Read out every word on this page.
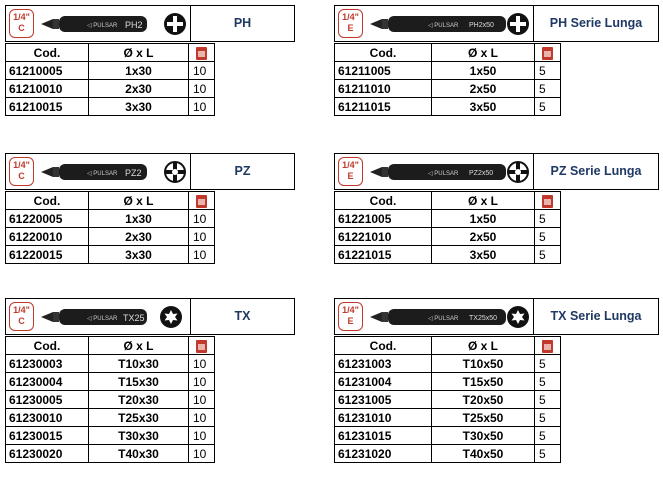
1/4"
C	◁ PULSAR PH2	PH
Cod.	Ø x L		
61210005	1x30	10	
61210010	2x30	10	
61210015	3x30	10	
1/4"
E	◁ PULSAR PH2x50	PH Serie Lunga
Cod.	Ø x L		
61211005	1x50	5	
61211010	2x50	5	
61211015	3x50	5	
1/4"
C	◁ PULSAR PZ2	PZ
Cod.	Ø x L		
61220005	1x30	10	
61220010	2x30	10	
61220015	3x30	10	
1/4"
E	◁ PULSAR PZ2x50	PZ Serie Lunga
Cod.	Ø x L		
61221005	1x50	5	
61221010	2x50	5	
61221015	3x50	5	
1/4"
C	◁ PULSAR TX25	TX
Cod.	Ø x L		
61230003	T10x30	10	
61230004	T15x30	10	
61230005	T20x30	10	
61230010	T25x30	10	
61230015	T30x30	10	
61230020	T40x30	10	
1/4"
E	◁ PULSAR TX25x50	TX Serie Lunga
Cod.	Ø x L		
61231003	T10x50	5	
61231004	T15x50	5	
61231005	T20x50	5	
61231010	T25x50	5	
61231015	T30x50	5	
61231020	T40x50	5	
